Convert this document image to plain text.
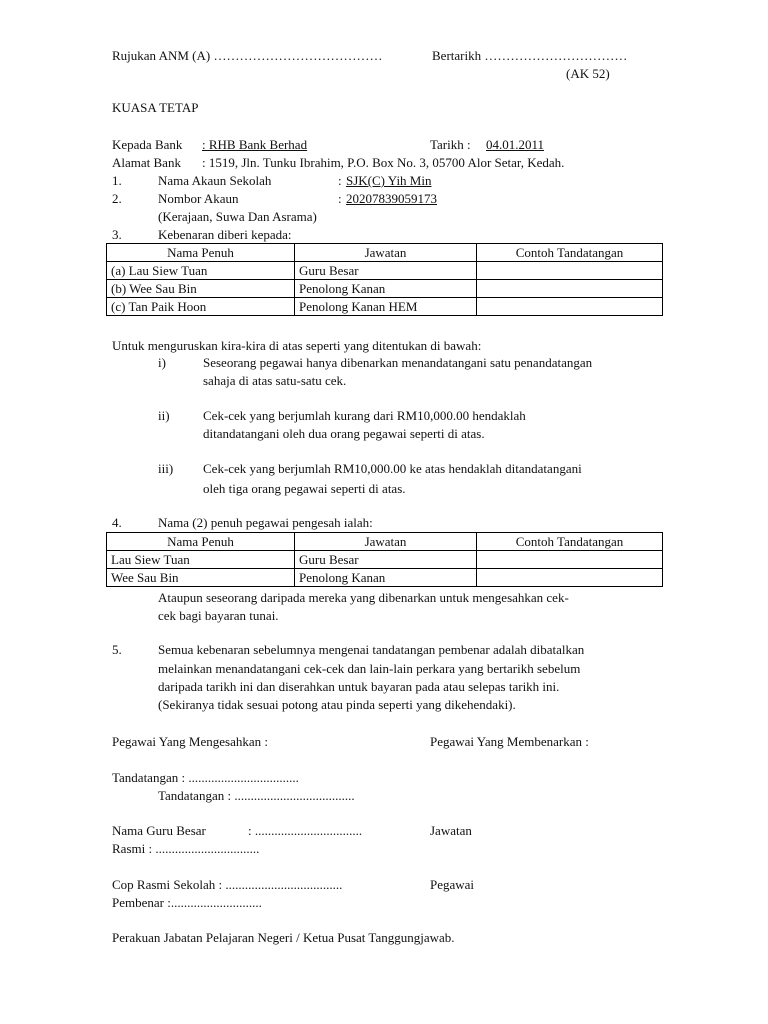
Rujukan ANM (A) …………………………………	Bertarikh ……………………………
(AK 52)
KUASA TETAP
Kepada Bank : RHB Bank Berhad	Tarikh : 04.01.2011
Alamat Bank : 1519, Jln. Tunku Ibrahim, P.O. Box No. 3, 05700 Alor Setar, Kedah.
1.	Nama Akaun Sekolah	: SJK(C) Yih Min
2.	Nombor Akaun	: 20207839059173
(Kerajaan, Suwa Dan Asrama)
3.	Kebenaran diberi kepada:
Nama Penuh	Jawatan	Contoh Tandatangan
(a) Lau Siew Tuan	Guru Besar	
(b) Wee Sau Bin	Penolong Kanan	
(c) Tan Paik Hoon	Penolong Kanan HEM	
Untuk menguruskan kira-kira di atas seperti yang ditentukan di bawah:
i)	Seseorang pegawai hanya dibenarkan menandatangani satu penandatangan
sahaja di atas satu-satu cek.
ii)	Cek-cek yang berjumlah kurang dari RM10,000.00 hendaklah
ditandatangani oleh dua orang pegawai seperti di atas.
iii) Cek-cek yang berjumlah RM10,000.00 ke atas hendaklah ditandatangani
oleh tiga orang pegawai seperti di atas.
4.	Nama (2) penuh pegawai pengesah ialah:
Nama Penuh	Jawatan	Contoh Tandatangan
Lau Siew Tuan	Guru Besar	
Wee Sau Bin	Penolong Kanan	
Ataupun seseorang daripada mereka yang dibenarkan untuk mengesahkan cek-
cek bagi bayaran tunai.
5.	Semua kebenaran sebelumnya mengenai tandatangan pembenar adalah dibatalkan
melainkan menandatangani cek-cek dan lain-lain perkara yang bertarikh sebelum
daripada tarikh ini dan diserahkan untuk bayaran pada atau selepas tarikh ini.
(Sekiranya tidak sesuai potong atau pinda seperti yang dikehendaki).
Pegawai Yang Mengesahkan :	Pegawai Yang Membenarkan :
Tandatangan : ..................................
Tandatangan : .....................................
Nama Guru Besar	: .................................	Jawatan
Rasmi : ................................
Cop Rasmi Sekolah : ....................................	Pegawai
Pembenar :............................
Perakuan Jabatan Pelajaran Negeri / Ketua Pusat Tanggungjawab.
